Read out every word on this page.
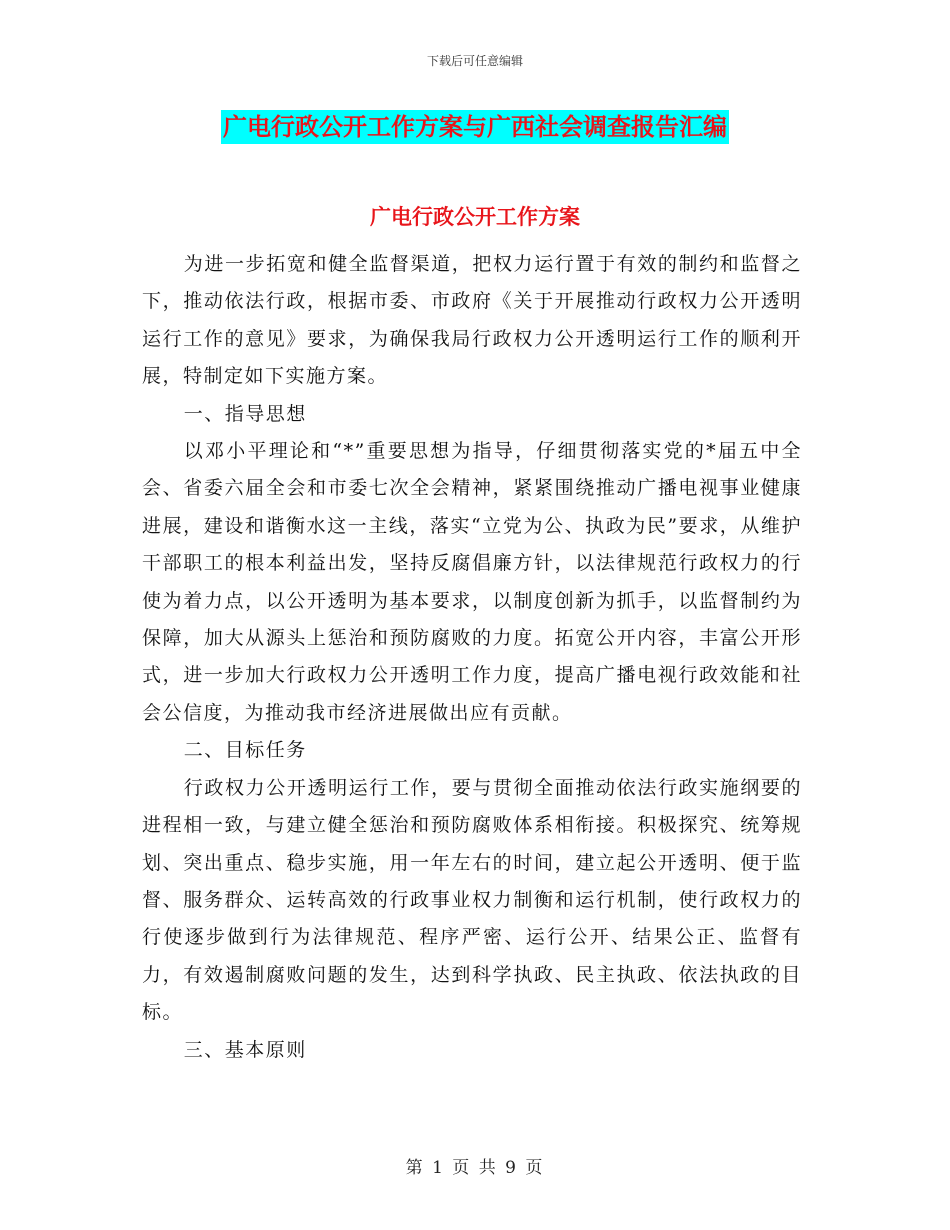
下载后可任意编辑
广电行政公开工作方案与广西社会调查报告汇编
广电行政公开工作方案

为进一步拓宽和健全监督渠道，把权力运行置于有效的制约和监督之下，推动依法行政，根据市委、市政府《关于开展推动行政权力公开透明运行工作的意见》要求，为确保我局行政权力公开透明运行工作的顺利开展，特制定如下实施方案。

一、指导思想

以邓小平理论和“*”重要思想为指导，仔细贯彻落实党的*届五中全会、省委六届全会和市委七次全会精神，紧紧围绕推动广播电视事业健康进展，建设和谐衡水这一主线，落实“立党为公、执政为民”要求，从维护干部职工的根本利益出发，坚持反腐倡廉方针，以法律规范行政权力的行使为着力点，以公开透明为基本要求，以制度创新为抓手，以监督制约为保障，加大从源头上惩治和预防腐败的力度。拓宽公开内容，丰富公开形式，进一步加大行政权力公开透明工作力度，提高广播电视行政效能和社会公信度，为推动我市经济进展做出应有贡献。

二、目标任务

行政权力公开透明运行工作，要与贯彻全面推动依法行政实施纲要的进程相一致，与建立健全惩治和预防腐败体系相衔接。积极探究、统筹规划、突出重点、稳步实施，用一年左右的时间，建立起公开透明、便于监督、服务群众、运转高效的行政事业权力制衡和运行机制，使行政权力的行使逐步做到行为法律规范、程序严密、运行公开、结果公正、监督有力，有效遏制腐败问题的发生，达到科学执政、民主执政、依法执政的目标。

三、基本原则

第 1 页 共 9 页
